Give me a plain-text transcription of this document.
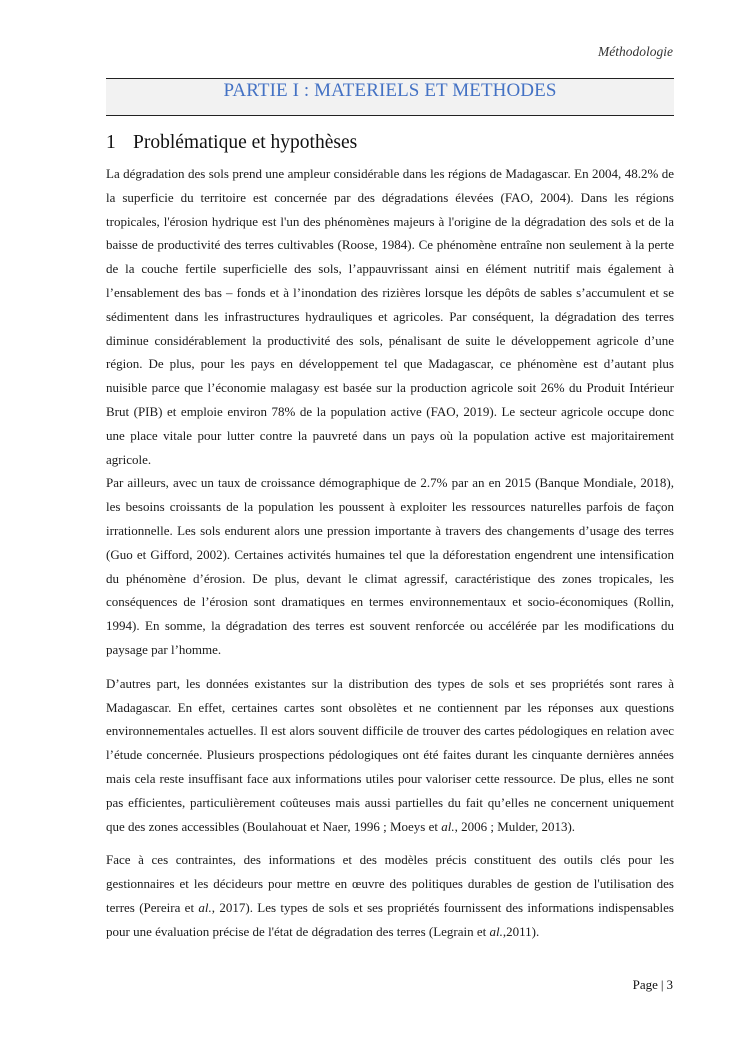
Méthodologie
PARTIE I : MATERIELS ET METHODES
1 Problématique et hypothèses

La dégradation des sols prend une ampleur considérable dans les régions de Madagascar. En 2004, 48.2% de la superficie du territoire est concernée par des dégradations élevées (FAO, 2004). Dans les régions tropicales, l'érosion hydrique est l'un des phénomènes majeurs à l'origine de la dégradation des sols et de la baisse de productivité des terres cultivables (Roose, 1984). Ce phénomène entraîne non seulement à la perte de la couche fertile superficielle des sols, l’appauvrissant ainsi en élément nutritif mais également à l’ensablement des bas – fonds et à l’inondation des rizières lorsque les dépôts de sables s’accumulent et se sédimentent dans les infrastructures hydrauliques et agricoles. Par conséquent, la dégradation des terres diminue considérablement la productivité des sols, pénalisant de suite le développement agricole d’une région. De plus, pour les pays en développement tel que Madagascar, ce phénomène est d’autant plus nuisible parce que l’économie malagasy est basée sur la production agricole soit 26% du Produit Intérieur Brut (PIB) et emploie environ 78% de la population active (FAO, 2019). Le secteur agricole occupe donc une place vitale pour lutter contre la pauvreté dans un pays où la population active est majoritairement agricole.

Par ailleurs, avec un taux de croissance démographique de 2.7% par an en 2015 (Banque Mondiale, 2018), les besoins croissants de la population les poussent à exploiter les ressources naturelles parfois de façon irrationnelle. Les sols endurent alors une pression importante à travers des changements d’usage des terres (Guo et Gifford, 2002). Certaines activités humaines tel que la déforestation engendrent une intensification du phénomène d’érosion. De plus, devant le climat agressif, caractéristique des zones tropicales, les conséquences de l’érosion sont dramatiques en termes environnementaux et socio-économiques (Rollin, 1994). En somme, la dégradation des terres est souvent renforcée ou accélérée par les modifications du paysage par l’homme.

D’autres part, les données existantes sur la distribution des types de sols et ses propriétés sont rares à Madagascar. En effet, certaines cartes sont obsolètes et ne contiennent par les réponses aux questions environnementales actuelles. Il est alors souvent difficile de trouver des cartes pédologiques en relation avec l’étude concernée. Plusieurs prospections pédologiques ont été faites durant les cinquante dernières années mais cela reste insuffisant face aux informations utiles pour valoriser cette ressource. De plus, elles ne sont pas efficientes, particulièrement coûteuses mais aussi partielles du fait qu’elles ne concernent uniquement que des zones accessibles (Boulahouat et Naer, 1996 ; Moeys et al., 2006 ; Mulder, 2013).

Face à ces contraintes, des informations et des modèles précis constituent des outils clés pour les gestionnaires et les décideurs pour mettre en œuvre des politiques durables de gestion de l'utilisation des terres (Pereira et al., 2017). Les types de sols et ses propriétés fournissent des informations indispensables pour une évaluation précise de l'état de dégradation des terres (Legrain et al.,2011).

Page | 3
